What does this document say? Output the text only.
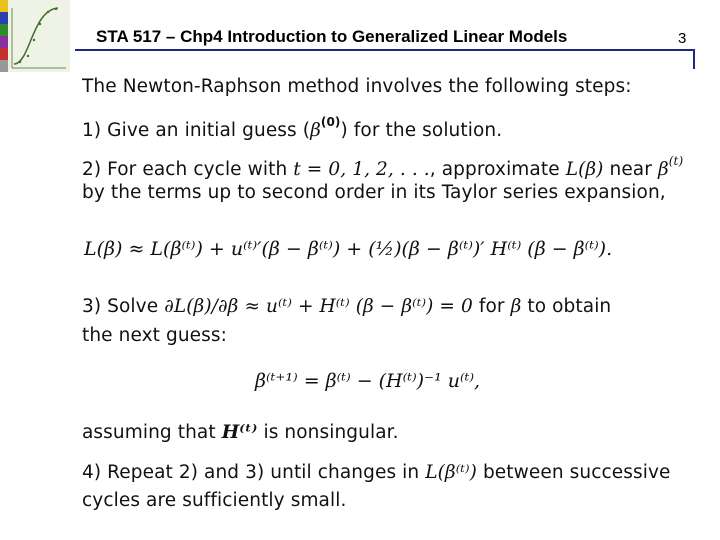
STA 517 – Chp4 Introduction to Generalized Linear Models	3
The Newton-Raphson method involves the following steps:
1) Give an initial guess $(\beta^{(0)})$ for the solution.
2) For each cycle with t = 0, 1, 2, . . ., approximate L(β) near $\beta^{(t)}$
by the terms up to second order in its Taylor series expansion,
L(β) ≈ L(β⁽ᵗ⁾) + u⁽ᵗ⁾′(β − β⁽ᵗ⁾) + (½)(β − β⁽ᵗ⁾)′ H⁽ᵗ⁾ (β − β⁽ᵗ⁾).
3) Solve ∂L(β)/∂β ≈ u⁽ᵗ⁾ + H⁽ᵗ⁾ (β − β⁽ᵗ⁾) = 0 for β to obtain
the next guess:
β⁽ᵗ⁺¹⁾ = β⁽ᵗ⁾ − (H⁽ᵗ⁾)⁻¹ u⁽ᵗ⁾,
assuming that H⁽ᵗ⁾ is nonsingular.
4) Repeat 2) and 3) until changes in L(β⁽ᵗ⁾) between successive
cycles are sufficiently small.
